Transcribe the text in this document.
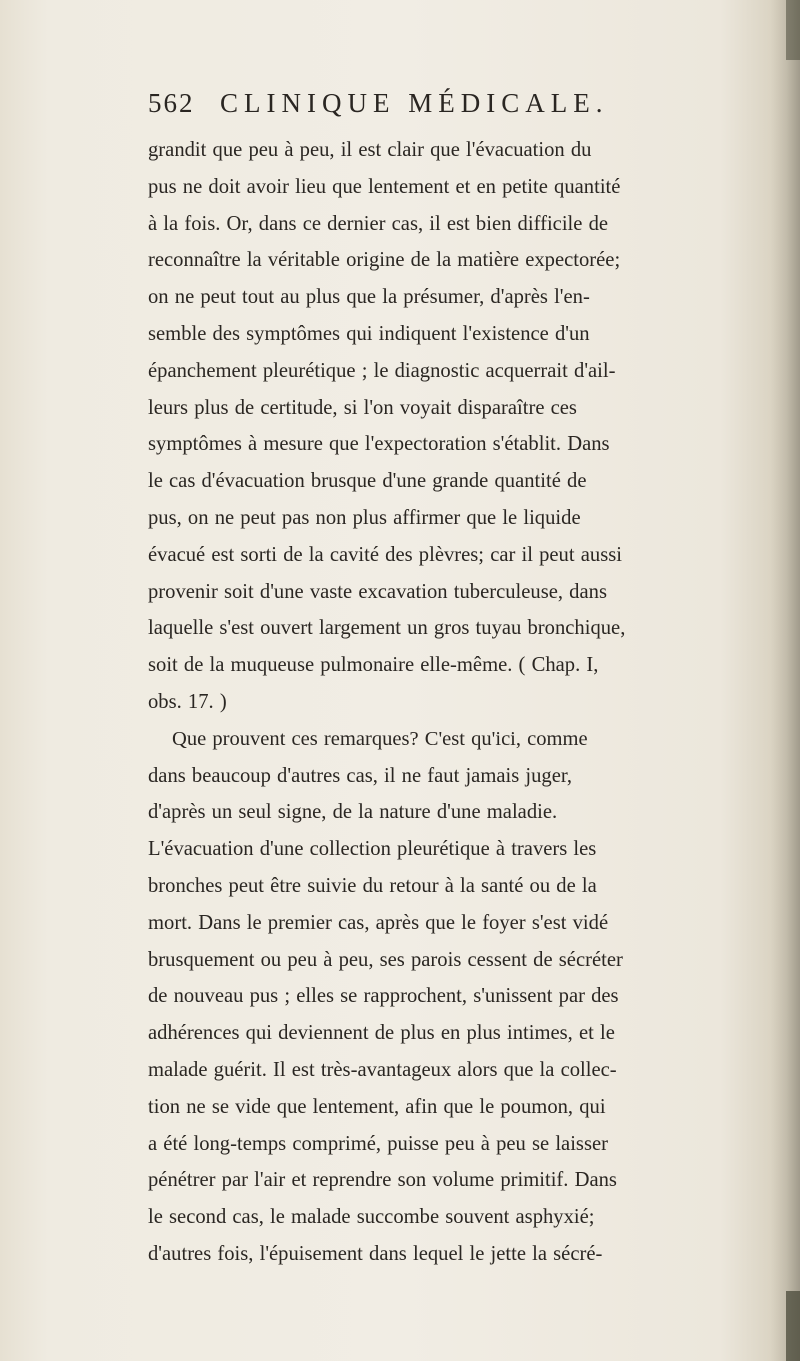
562 CLINIQUE MÉDICALE.
grandit que peu à peu, il est clair que l'évacuation du
pus ne doit avoir lieu que lentement et en petite quantité
à la fois. Or, dans ce dernier cas, il est bien difficile de
reconnaître la véritable origine de la matière expectorée;
on ne peut tout au plus que la présumer, d'après l'en-
semble des symptômes qui indiquent l'existence d'un
épanchement pleurétique ; le diagnostic acquerrait d'ail-
leurs plus de certitude, si l'on voyait disparaître ces
symptômes à mesure que l'expectoration s'établit. Dans
le cas d'évacuation brusque d'une grande quantité de
pus, on ne peut pas non plus affirmer que le liquide
évacué est sorti de la cavité des plèvres; car il peut aussi
provenir soit d'une vaste excavation tuberculeuse, dans
laquelle s'est ouvert largement un gros tuyau bronchique,
soit de la muqueuse pulmonaire elle-même. ( Chap. I,
obs. 17. )
Que prouvent ces remarques? C'est qu'ici, comme
dans beaucoup d'autres cas, il ne faut jamais juger,
d'après un seul signe, de la nature d'une maladie.
L'évacuation d'une collection pleurétique à travers les
bronches peut être suivie du retour à la santé ou de la
mort. Dans le premier cas, après que le foyer s'est vidé
brusquement ou peu à peu, ses parois cessent de sécréter
de nouveau pus ; elles se rapprochent, s'unissent par des
adhérences qui deviennent de plus en plus intimes, et le
malade guérit. Il est très-avantageux alors que la collec-
tion ne se vide que lentement, afin que le poumon, qui
a été long-temps comprimé, puisse peu à peu se laisser
pénétrer par l'air et reprendre son volume primitif. Dans
le second cas, le malade succombe souvent asphyxié;
d'autres fois, l'épuisement dans lequel le jette la sécré-
